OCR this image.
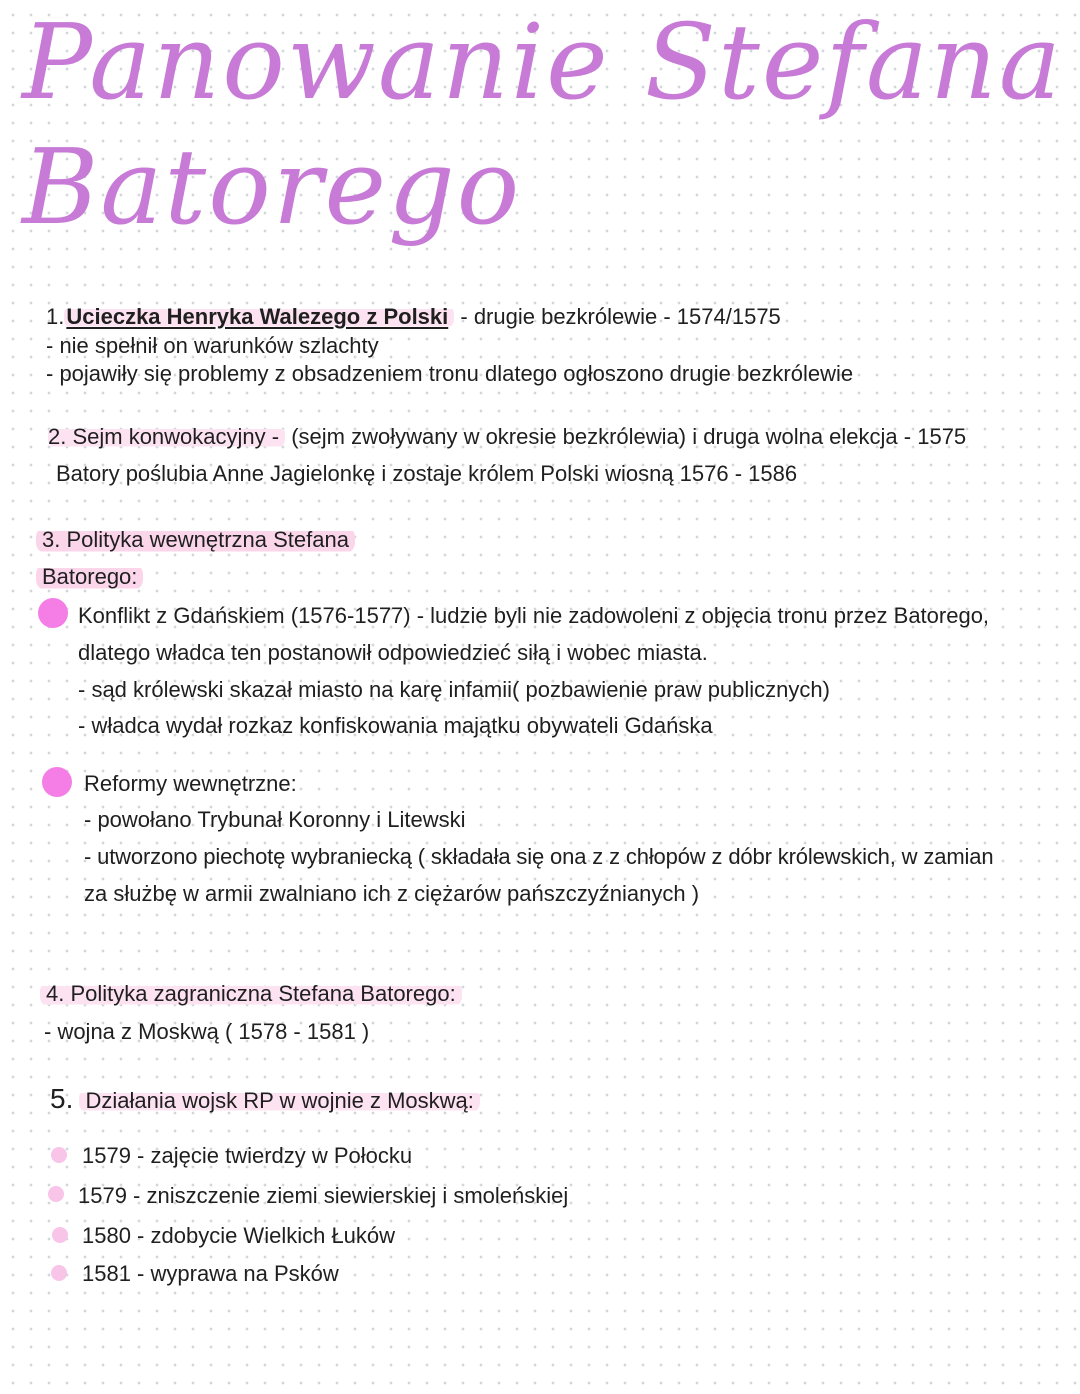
Panowanie Stefana
Batorego
1.Ucieczka Henryka Walezego z Polski - drugie bezkrólewie - 1574/1575
- nie spełnił on warunków szlachty
- pojawiły się problemy z obsadzeniem tronu dlatego ogłoszono drugie bezkrólewie
2. Sejm konwokacyjny - (sejm zwoływany w okresie bezkrólewia) i druga wolna elekcja - 1575
Batory poślubia Anne Jagielonkę i zostaje królem Polski wiosną 1576 - 1586
3. Polityka wewnętrzna Stefana
Batorego:
Konflikt z Gdańskiem (1576-1577) - ludzie byli nie zadowoleni z objęcia tronu przez Batorego,
dlatego władca ten postanowił odpowiedzieć siłą i wobec miasta.
- sąd królewski skazał miasto na karę infamii( pozbawienie praw publicznych)
- władca wydał rozkaz konfiskowania majątku obywateli Gdańska
Reformy wewnętrzne:
- powołano Trybunał Koronny i Litewski
- utworzono piechotę wybraniecką ( składała się ona z z chłopów z dóbr królewskich, w zamian
za służbę w armii zwalniano ich z ciężarów pańszczyźnianych )
4. Polityka zagraniczna Stefana Batorego:
- wojna z Moskwą ( 1578 - 1581 )
5. Działania wojsk RP w wojnie z Moskwą:
1579 - zajęcie twierdzy w Połocku
1579 - zniszczenie ziemi siewierskiej i smoleńskiej
1580 - zdobycie Wielkich Łuków
1581 - wyprawa na Psków
